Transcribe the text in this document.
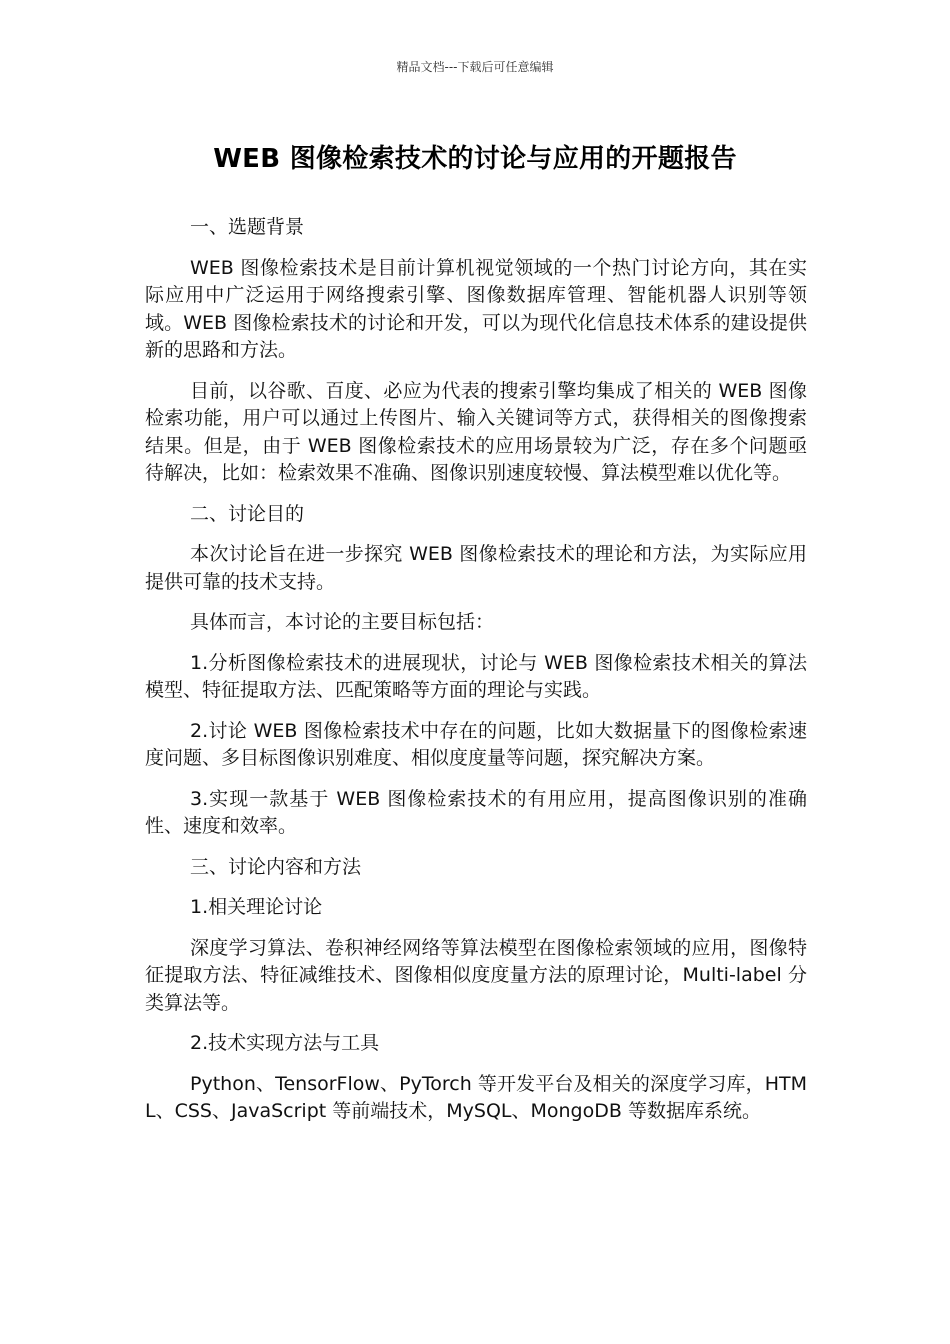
精品文档---下载后可任意编辑
WEB 图像检索技术的讨论与应用的开题报告
一、选题背景

WEB 图像检索技术是目前计算机视觉领域的一个热门讨论方向，其在实际应用中广泛运用于网络搜索引擎、图像数据库管理、智能机器人识别等领域。WEB 图像检索技术的讨论和开发，可以为现代化信息技术体系的建设提供新的思路和方法。

目前，以谷歌、百度、必应为代表的搜索引擎均集成了相关的 WEB 图像检索功能，用户可以通过上传图片、输入关键词等方式，获得相关的图像搜索结果。但是，由于 WEB 图像检索技术的应用场景较为广泛，存在多个问题亟待解决，比如：检索效果不准确、图像识别速度较慢、算法模型难以优化等。

二、讨论目的

本次讨论旨在进一步探究 WEB 图像检索技术的理论和方法，为实际应用提供可靠的技术支持。

具体而言，本讨论的主要目标包括：

1.分析图像检索技术的进展现状，讨论与 WEB 图像检索技术相关的算法模型、特征提取方法、匹配策略等方面的理论与实践。

2.讨论 WEB 图像检索技术中存在的问题，比如大数据量下的图像检索速度问题、多目标图像识别难度、相似度度量等问题，探究解决方案。

3.实现一款基于 WEB 图像检索技术的有用应用，提高图像识别的准确性、速度和效率。

三、讨论内容和方法
1.相关理论讨论

深度学习算法、卷积神经网络等算法模型在图像检索领域的应用，图像特征提取方法、特征减维技术、图像相似度度量方法的原理讨论，Multi-label 分类算法等。

2.技术实现方法与工具

Python、TensorFlow、PyTorch 等开发平台及相关的深度学习库，HTML、CSS、JavaScript 等前端技术，MySQL、MongoDB 等数据库系统。
